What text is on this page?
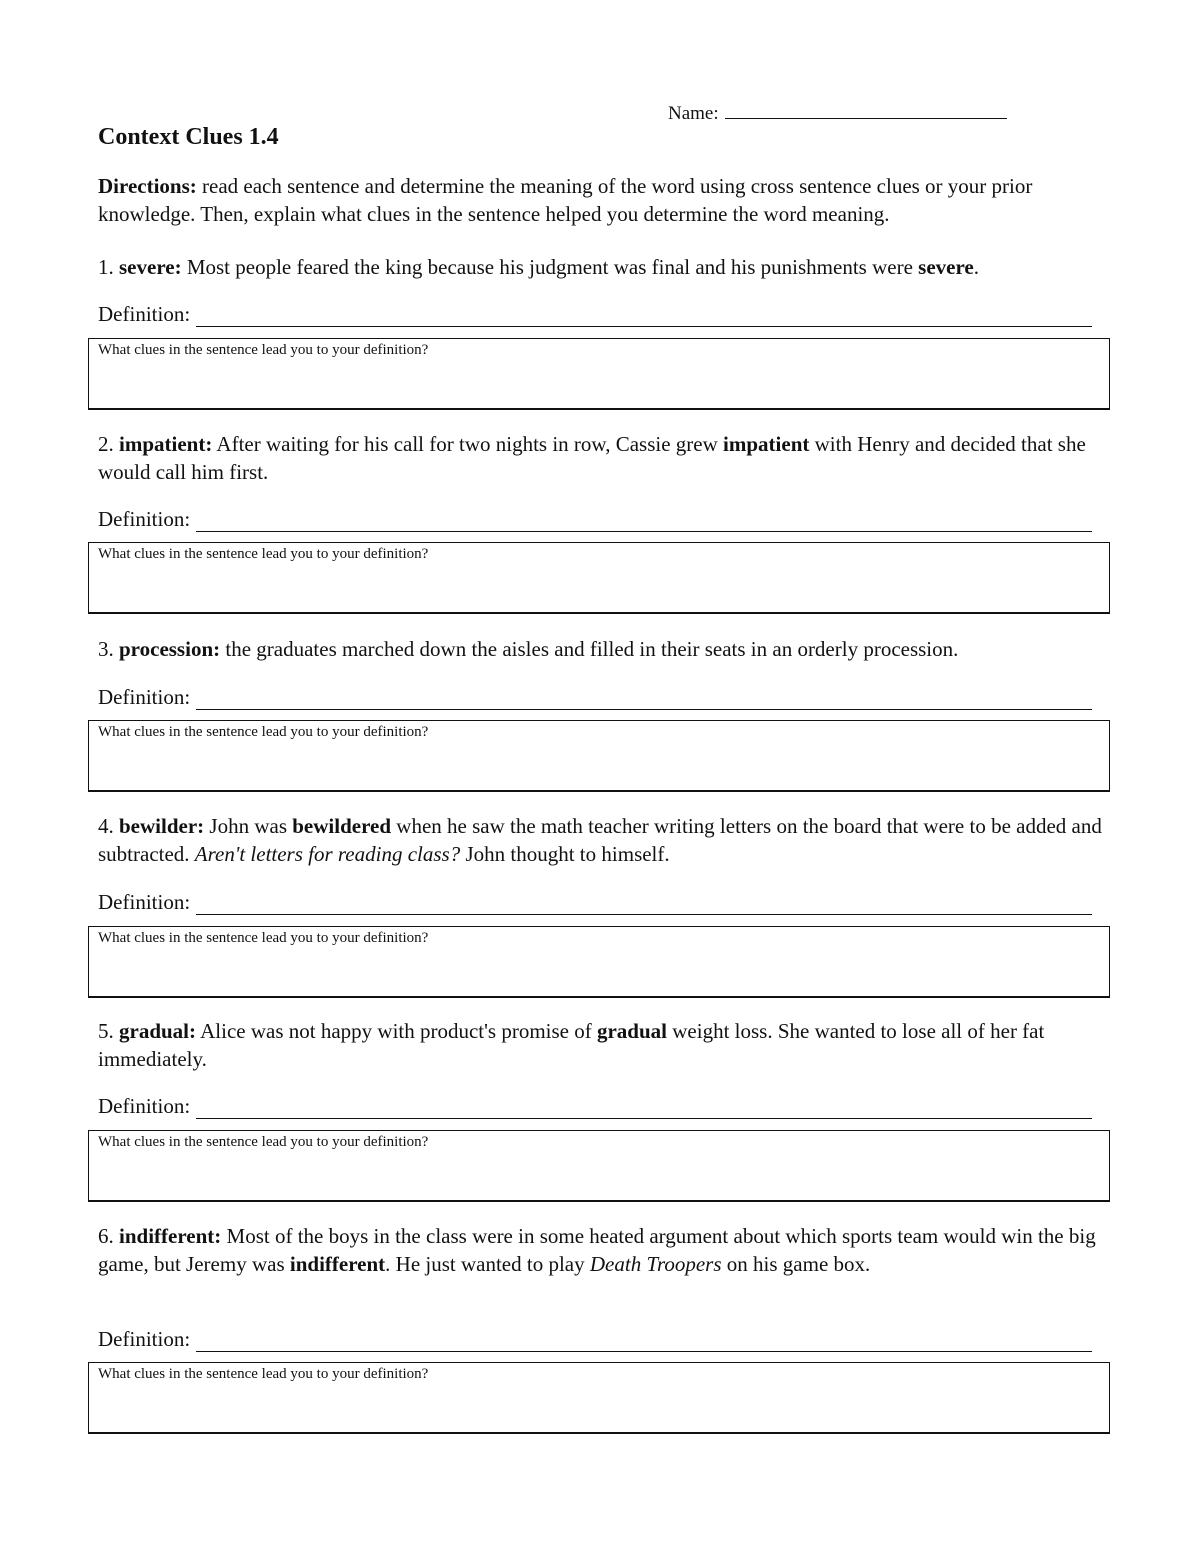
Name:
Context Clues 1.4

Directions: read each sentence and determine the meaning of the word using cross sentence clues or your prior knowledge. Then, explain what clues in the sentence helped you determine the word meaning.

1. severe: Most people feared the king because his judgment was final and his punishments were severe.

Definition:
What clues in the sentence lead you to your definition?

2. impatient: After waiting for his call for two nights in row, Cassie grew impatient with Henry and decided that she would call him first.

Definition:
What clues in the sentence lead you to your definition?

3. procession: the graduates marched down the aisles and filled in their seats in an orderly procession.

Definition:
What clues in the sentence lead you to your definition?

4. bewilder: John was bewildered when he saw the math teacher writing letters on the board that were to be added and subtracted. Aren't letters for reading class? John thought to himself.

Definition:
What clues in the sentence lead you to your definition?

5. gradual: Alice was not happy with product's promise of gradual weight loss. She wanted to lose all of her fat immediately.

Definition:
What clues in the sentence lead you to your definition?

6. indifferent: Most of the boys in the class were in some heated argument about which sports team would win the big game, but Jeremy was indifferent. He just wanted to play Death Troopers on his game box.

Definition:
What clues in the sentence lead you to your definition?
